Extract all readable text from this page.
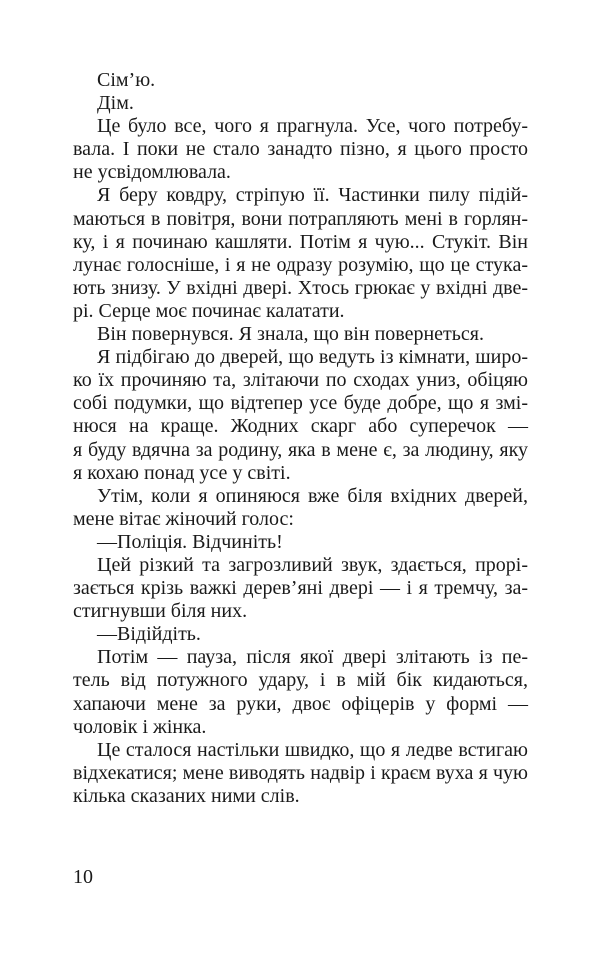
Сім’ю.
Дім.
Це було все, чого я прагнула. Усе, чого потребу-
вала. І поки не стало занадто пізно, я цього просто
не усвідомлювала.
Я беру ковдру, стріпую її. Частинки пилу підій-
маються в повітря, вони потрапляють мені в горлян-
ку, і я починаю кашляти. Потім я чую... Стукіт. Він
лунає голосніше, і я не одразу розумію, що це стука-
ють знизу. У вхідні двері. Хтось грюкає у вхідні две-
рі. Серце моє починає калатати.
Він повернувся. Я знала, що він повернеться.
Я підбігаю до дверей, що ведуть із кімнати, широ-
ко їх прочиняю та, злітаючи по сходах униз, обіцяю
собі подумки, що відтепер усе буде добре, що я змі-
нюся на краще. Жодних скарг або суперечок —
я буду вдячна за родину, яка в мене є, за людину, яку
я кохаю понад усе у світі.
Утім, коли я опиняюся вже біля вхідних дверей,
мене вітає жіночий голос:
—Поліція. Відчиніть!
Цей різкий та загрозливий звук, здається, прорі-
зається крізь важкі дерев’яні двері — і я тремчу, за-
стигнувши біля них.
—Відійдіть.
Потім — пауза, після якої двері злітають із пе-
тель від потужного удару, і в мій бік кидаються,
хапаючи мене за руки, двоє офіцерів у формі —
чоловік і жінка.
Це сталося настільки швидко, що я ледве встигаю
відхекатися; мене виводять надвір і краєм вуха я чую
кілька сказаних ними слів.
10
